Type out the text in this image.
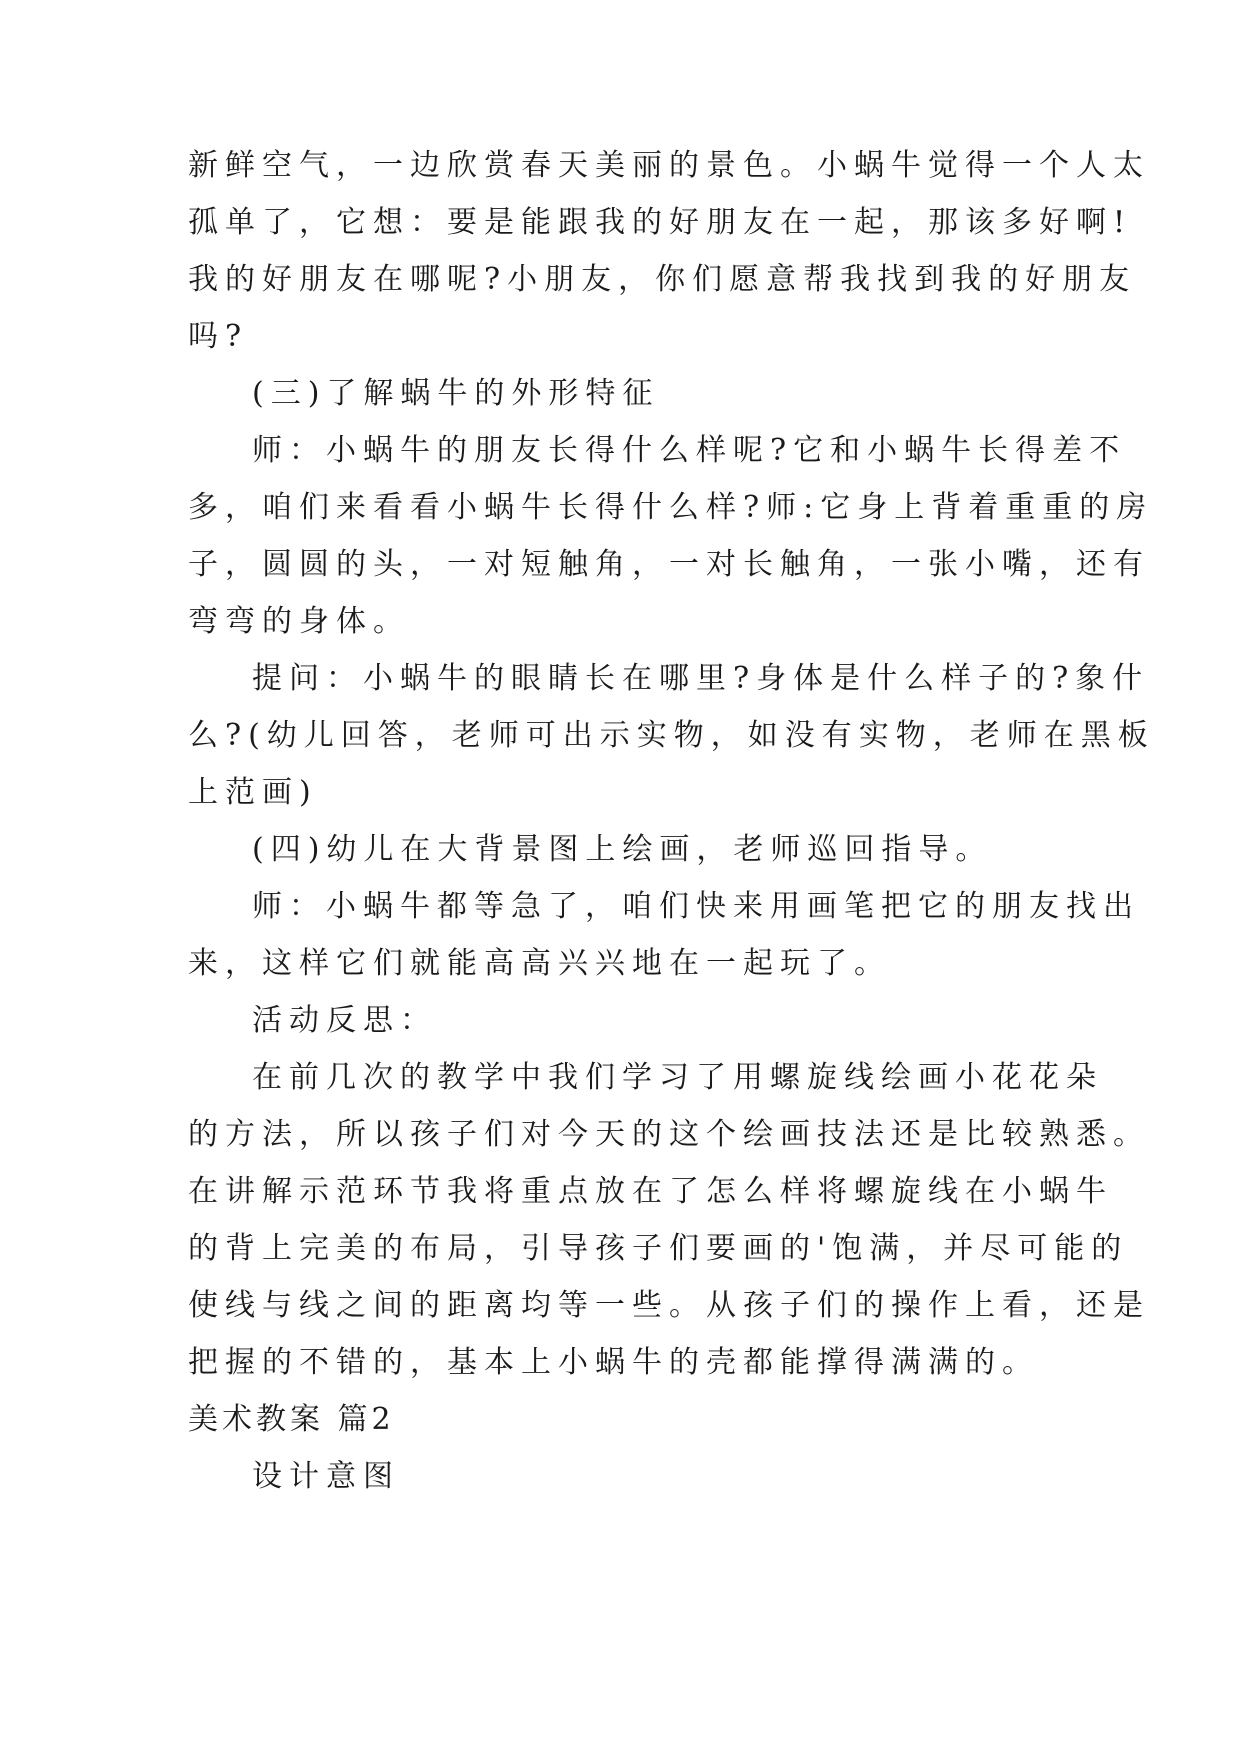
新鲜空气，一边欣赏春天美丽的景色。小蜗牛觉得一个人太
孤单了，它想：要是能跟我的好朋友在一起，那该多好啊!
我的好朋友在哪呢?小朋友，你们愿意帮我找到我的好朋友
吗?
(三)了解蜗牛的外形特征
师：小蜗牛的朋友长得什么样呢?它和小蜗牛长得差不
多，咱们来看看小蜗牛长得什么样?师:它身上背着重重的房
子，圆圆的头，一对短触角，一对长触角，一张小嘴，还有
弯弯的身体。
提问：小蜗牛的眼睛长在哪里?身体是什么样子的?象什
么?(幼儿回答，老师可出示实物，如没有实物，老师在黑板
上范画)
(四)幼儿在大背景图上绘画，老师巡回指导。
师：小蜗牛都等急了，咱们快来用画笔把它的朋友找出
来，这样它们就能高高兴兴地在一起玩了。
活动反思：
在前几次的教学中我们学习了用螺旋线绘画小花花朵
的方法，所以孩子们对今天的这个绘画技法还是比较熟悉。
在讲解示范环节我将重点放在了怎么样将螺旋线在小蜗牛
的背上完美的布局，引导孩子们要画的'饱满，并尽可能的
使线与线之间的距离均等一些。从孩子们的操作上看，还是
把握的不错的，基本上小蜗牛的壳都能撑得满满的。
美术教案 篇2
设计意图
